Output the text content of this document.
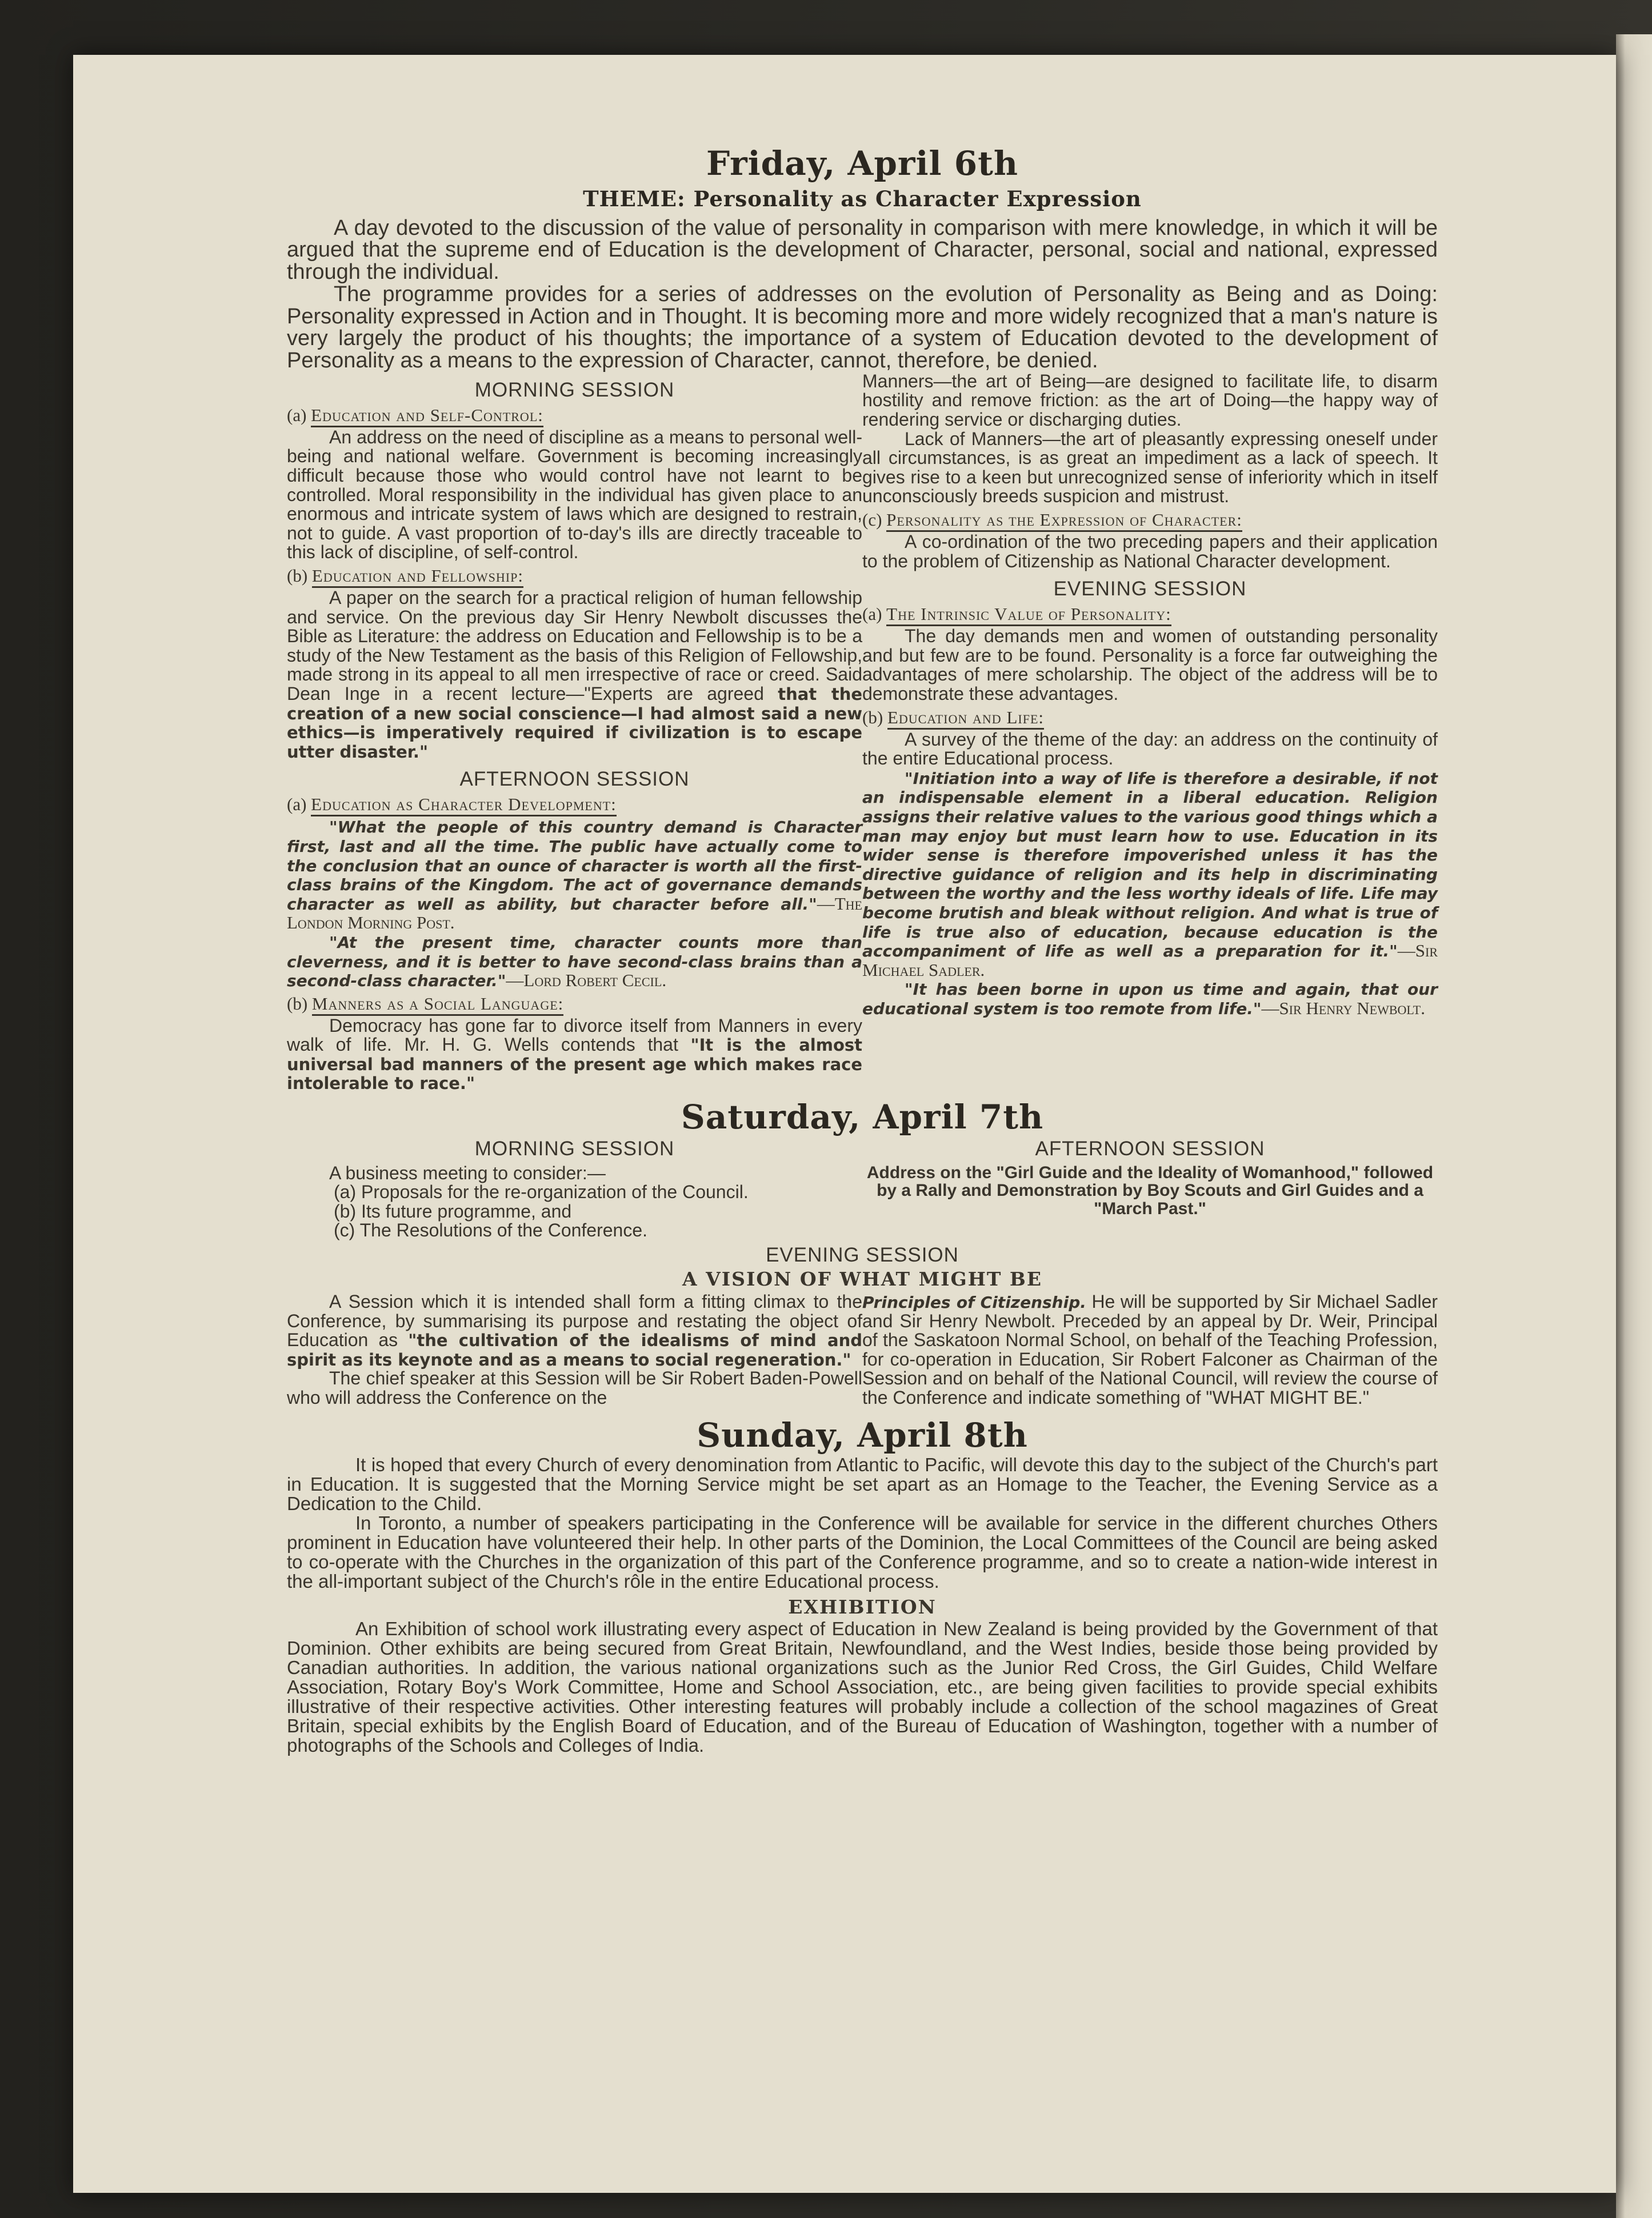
Friday, April 6th
THEME: Personality as Character Expression

A day devoted to the discussion of the value of personality in comparison with mere knowledge, in which it will be argued that the supreme end of Education is the development of Character, personal, social and national, expressed through the individual.

The programme provides for a series of addresses on the evolution of Personality as Being and as Doing: Personality expressed in Action and in Thought. It is becoming more and more widely recognized that a man's nature is very largely the product of his thoughts; the importance of a system of Education devoted to the development of Personality as a means to the expression of Character, cannot, therefore, be denied.

MORNING SESSION
(a) Education and Self-Control:

An address on the need of discipline as a means to personal well-being and national welfare. Government is becoming increasingly difficult because those who would control have not learnt to be controlled. Moral responsibility in the individual has given place to an enormous and intricate system of laws which are designed to restrain, not to guide. A vast proportion of to-day's ills are directly traceable to this lack of discipline, of self-control.

(b) Education and Fellowship:

A paper on the search for a practical religion of human fellowship and service. On the previous day Sir Henry Newbolt discusses the Bible as Literature: the address on Education and Fellowship is to be a study of the New Testament as the basis of this Religion of Fellowship, made strong in its appeal to all men irrespective of race or creed. Said Dean Inge in a recent lecture—"Experts are agreed that the creation of a new social conscience—I had almost said a new ethics—is imperatively required if civilization is to escape utter disaster."

AFTERNOON SESSION
(a) Education as Character Development:

"What the people of this country demand is Character first, last and all the time. The public have actually come to the conclusion that an ounce of character is worth all the first-class brains of the Kingdom. The act of governance demands character as well as ability, but character before all."—The London Morning Post.

"At the present time, character counts more than cleverness, and it is better to have second-class brains than a second-class character."—Lord Robert Cecil.

(b) Manners as a Social Language:

Democracy has gone far to divorce itself from Manners in every walk of life. Mr. H. G. Wells contends that "It is the almost universal bad manners of the present age which makes race intolerable to race."

Manners—the art of Being—are designed to facilitate life, to disarm hostility and remove friction: as the art of Doing—the happy way of rendering service or discharging duties.

Lack of Manners—the art of pleasantly expressing oneself under all circumstances, is as great an impediment as a lack of speech. It gives rise to a keen but unrecognized sense of inferiority which in itself unconsciously breeds suspicion and mistrust.

(c) Personality as the Expression of Character:

A co-ordination of the two preceding papers and their application to the problem of Citizenship as National Character development.

EVENING SESSION
(a) The Intrinsic Value of Personality:

The day demands men and women of outstanding personality and but few are to be found. Personality is a force far outweighing the advantages of mere scholarship. The object of the address will be to demonstrate these advantages.

(b) Education and Life:

A survey of the theme of the day: an address on the continuity of the entire Educational process.

"Initiation into a way of life is therefore a desirable, if not an indispensable element in a liberal education. Religion assigns their relative values to the various good things which a man may enjoy but must learn how to use. Education in its wider sense is therefore impoverished unless it has the directive guidance of religion and its help in discriminating between the worthy and the less worthy ideals of life. Life may become brutish and bleak without religion. And what is true of life is true also of education, because education is the accompaniment of life as well as a preparation for it."—Sir Michael Sadler.

"It has been borne in upon us time and again, that our educational system is too remote from life."—Sir Henry Newbolt.

Saturday, April 7th
MORNING SESSION

A business meeting to consider:—

(a) Proposals for the re-organization of the Council.
(b) Its future programme, and
(c) The Resolutions of the Conference.
AFTERNOON SESSION

Address on the "Girl Guide and the Ideality of Womanhood," followed by a Rally and Demonstration by Boy Scouts and Girl Guides and a "March Past."

EVENING SESSION
A VISION OF WHAT MIGHT BE

A Session which it is intended shall form a fitting climax to the Conference, by summarising its purpose and restating the object of Education as "the cultivation of the idealisms of mind and spirit as its keynote and as a means to social regeneration."

The chief speaker at this Session will be Sir Robert Baden-Powell who will address the Conference on the

Principles of Citizenship. He will be supported by Sir Michael Sadler and Sir Henry Newbolt. Preceded by an appeal by Dr. Weir, Principal of the Saskatoon Normal School, on behalf of the Teaching Profession, for co-operation in Education, Sir Robert Falconer as Chairman of the Session and on behalf of the National Council, will review the course of the Conference and indicate something of "WHAT MIGHT BE."

Sunday, April 8th

It is hoped that every Church of every denomination from Atlantic to Pacific, will devote this day to the subject of the Church's part in Education. It is suggested that the Morning Service might be set apart as an Homage to the Teacher, the Evening Service as a Dedication to the Child.

In Toronto, a number of speakers participating in the Conference will be available for service in the different churches Others prominent in Education have volunteered their help. In other parts of the Dominion, the Local Committees of the Council are being asked to co-operate with the Churches in the organization of this part of the Conference programme, and so to create a nation-wide interest in the all-important subject of the Church's rôle in the entire Educational process.

EXHIBITION

An Exhibition of school work illustrating every aspect of Education in New Zealand is being provided by the Government of that Dominion. Other exhibits are being secured from Great Britain, Newfoundland, and the West Indies, beside those being provided by Canadian authorities. In addition, the various national organizations such as the Junior Red Cross, the Girl Guides, Child Welfare Association, Rotary Boy's Work Committee, Home and School Association, etc., are being given facilities to provide special exhibits illustrative of their respective activities. Other interesting features will probably include a collection of the school magazines of Great Britain, special exhibits by the English Board of Education, and of the Bureau of Education of Washington, together with a number of photographs of the Schools and Colleges of India.
